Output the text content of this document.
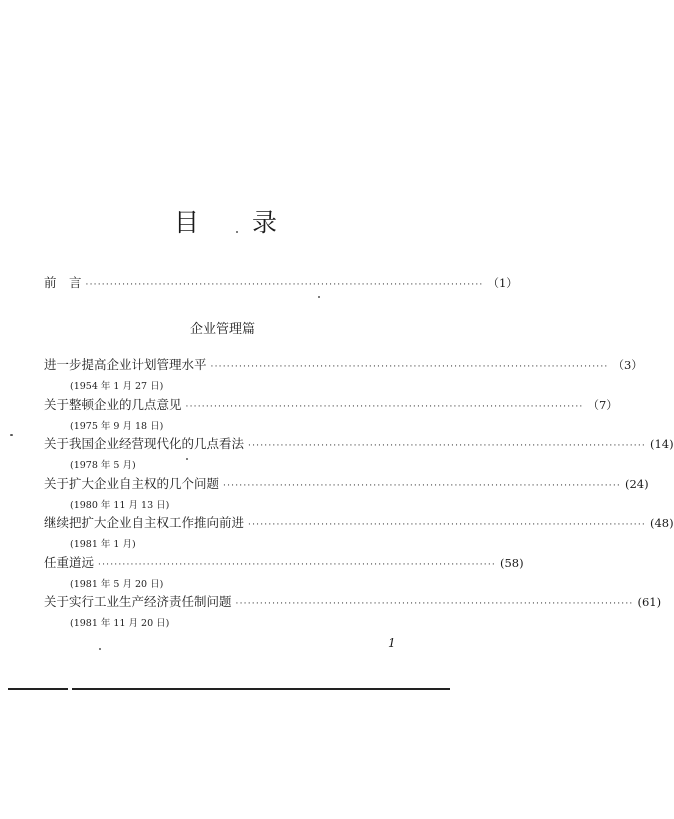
目 录
前　言 ·································································································· （1）
企业管理篇
进一步提高企业计划管理水平 ·································································································· （3）
(1954 年 1 月 27 日)
关于整顿企业的几点意见 ·································································································· （7）
(1975 年 9 月 18 日)
关于我国企业经营现代化的几点看法 ·································································································· (14)
(1978 年 5 月)
关于扩大企业自主权的几个问题 ·································································································· (24)
(1980 年 11 月 13 日)
继续把扩大企业自主权工作推向前进 ·································································································· (48)
(1981 年 1 月)
任重道远 ·································································································· (58)
(1981 年 5 月 20 日)
关于实行工业生产经济责任制问题 ·································································································· (61)
(1981 年 11 月 20 日)
1
